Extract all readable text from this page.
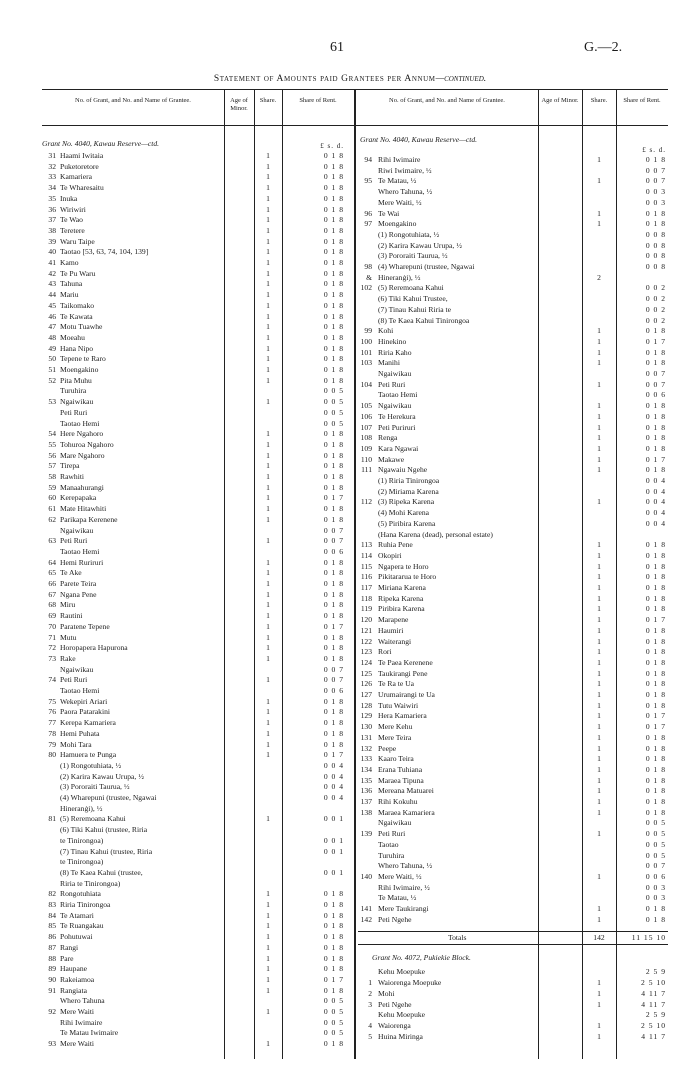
61	G.—2.
Statement of Amounts paid Grantees per Annum—continued.
No. of Grant, and No. and Name of Grantee.	Age of Minor.
Share.	Share of Rent.	No. of Grant, and No. and Name of Grantee.	Age of Minor.	Share.	Share of Rent.
Grant No. 4040, Kawau Reserve—ctd.	£ s. d.
31 Haami Iwitaia	1	0 1 8
32 Puketoretore	1	0 1 8
33 Kamariera	1	0 1 8
34 Te Wharesaitu	1	0 1 8
35 Inuka	1	0 1 8
36 Wiriwiri	1	0 1 8
37 Te Wao	1	0 1 8
38 Teretere	1	0 1 8
39 Waru Taipe	1	0 1 8
40 Taotao [53, 63, 74, 104, 139]	1	0 1 8
41 Kamo	1	0 1 8
42 Te Pu Waru	1	0 1 8
43 Tahuna	1	0 1 8
44 Mariu	1	0 1 8
45 Taikomako	1	0 1 8
46 Te Kawata	1	0 1 8
47 Motu Tuawhe	1	0 1 8
48 Moeahu	1	0 1 8
49 Hana Nipo	1	0 1 8
50 Tepene te Raro	1	0 1 8
51 Moengakino	1	0 1 8
52 Pita Muhu	1	0 1 8
Turuhira	0 0 5
53 Ngaiwikau	1	0 0 5
Peti Ruri	0 0 5
Taotao Hemi	0 0 5
54 Here Ngahoro	1	0 1 8
55 Tohuroa Ngahoro	1	0 1 8
56 Mare Ngahoro	1	0 1 8
57 Tirepa	1	0 1 8
58 Rawhiti	1	0 1 8
59 Manaahurangi	1	0 1 8
60 Kerepapaka	1	0 1 7
61 Mate Hitawhiti	1	0 1 8
62 Parikapa Kerenene	1	0 1 8
Ngaiwikau	0 0 7
63 Peti Ruri	1	0 0 7
Taotao Hemi	0 0 6
64 Hemi Ruriruri	1	0 1 8
65 Te Ake	1	0 1 8
66 Parete Teira	1	0 1 8
67 Ngana Pene	1	0 1 8
68 Miru	1	0 1 8
69 Rautini	1	0 1 8
70 Paratene Tepene	1	0 1 7
71 Mutu	1	0 1 8
72 Horopapera Hapurona	1	0 1 8
73 Rake	1	0 1 8
Ngaiwikau	0 0 7
74 Peti Ruri	1	0 0 7
Taotao Hemi	0 0 6
75 Wekepiri Ariari	1	0 1 8
76 Paora Patarakini	1	0 1 8
77 Kerepa Kamariera	1	0 1 8
78 Hemi Puhata	1	0 1 8
79 Mohi Tara	1	0 1 8
80 Hamuera te Punga	1	0 1 7
(1) Rongotuhiata, ½	0 0 4
(2) Karira Kawau Urupa, ½	0 0 4
(3) Pororaiti Taurua, ½	0 0 4
(4) Wharepuni (trustee, Ngawai	0 0 4
Hineranġi), ½
81 (5) Reremoana Kahui	1	0 0 1
(6) Tiki Kahui (trustee, Riria
te Tinirongoa)	0 0 1
(7) Tinau Kahui (trustee, Riria	0 0 1
te Tinirongoa)
(8) Te Kaea Kahui (trustee,	0 0 1
Riria te Tinirongoa)
82 Rongotuhiata	1	0 1 8
83 Riria Tinirongoa	1	0 1 8
84 Te Atamari	1	0 1 8
85 Te Ruangakau	1	0 1 8
86 Pohutuwai	1	0 1 8
87 Rangi	1	0 1 8
88 Pare	1	0 1 8
89 Haupane	1	0 1 8
90 Rakeiamoa	1	0 1 7
91 Rangiata	1	0 1 8
Whero Tahuna	0 0 5
92 Mere Waiti	1	0 0 5
Rihi Iwimaire	0 0 5
Te Matau Iwimaire	0 0 5
93 Mere Waiti	1	0 1 8
Grant No. 4040, Kawau Reserve—ctd.
£ s. d.
94 Rihi Iwimaire	1	0 1 8
Riwi Iwimaire, ½	0 0 7
95 Te Matau, ½	1	0 0 7
Whero Tahuna, ½	0 0 3
Mere Waiti, ½	0 0 3
96 Te Wai	1	0 1 8
97 Moengakino	1	0 1 8
(1) Rongotuhiata, ½	0 0 8
(2) Karira Kawau Urupa, ½	0 0 8
(3) Pororaiti Taurua, ½	0 0 8
98 (4) Wharepuni (trustee, Ngawai	0 0 8
& Hineranġi), ½	2
102 (5) Reremoana Kahui	0 0 2
(6) Tiki Kahui Trustee,	0 0 2
(7) Tinau Kahui Riria te	0 0 2
(8) Te Kaea Kahui Tinirongoa	0 0 2
99 Kohi	1	0 1 8
100 Hinekino	1	0 1 7
101 Riria Kaho	1	0 1 8
103 Manihi	1	0 1 8
Ngaiwikau	0 0 7
104 Peti Ruri	1	0 0 7
Taotao Hemi	0 0 6
105 Ngaiwikau	1	0 1 8
106 Te Herekura	1	0 1 8
107 Peti Puriruri	1	0 1 8
108 Renga	1	0 1 8
109 Kara Ngawai	1	0 1 8
110 Makawe	1	0 1 7
111 Ngawaiu Ngehe	1	0 1 8
(1) Riria Tinirongoa	0 0 4
(2) Miriama Karena	0 0 4
112 (3) Ripeka Karena	1	0 0 4
(4) Mohi Karena	0 0 4
(5) Piribira Karena	0 0 4
(Hana Karena (dead), personal estate)
113 Ruhia Pene	1	0 1 8
114 Okopiri	1	0 1 8
115 Ngapera te Horo	1	0 1 8
116 Pikitararua te Horo	1	0 1 8
117 Miriana Karena	1	0 1 8
118 Ripeka Karena	1	0 1 8
119 Piribira Karena	1	0 1 8
120 Marapene	1	0 1 7
121 Haumiri	1	0 1 8
122 Waiterangi	1	0 1 8
123 Rori	1	0 1 8
124 Te Paea Kerenene	1	0 1 8
125 Taukirangi Pene	1	0 1 8
126 Te Ra te Ua	1	0 1 8
127 Urumairangi te Ua	1	0 1 8
128 Tutu Waiwiri	1	0 1 8
129 Hera Kamariera	1	0 1 7
130 Mere Kehu	1	0 1 7
131 Mere Teira	1	0 1 8
132 Peepe	1	0 1 8
133 Kaaro Teira	1	0 1 8
134 Erana Tuhiana	1	0 1 8
135 Maraea Tipuna	1	0 1 8
136 Mereana Matuarei	1	0 1 8
137 Rihi Kokuhu	1	0 1 8
138 Maraea Kamariera	1	0 1 8
Ngaiwikau	0 0 5
139 Peti Ruri	1	0 0 5
Taotao	0 0 5
Turuhira	0 0 5
Whero Tahuna, ½	0 0 7
140 Mere Waiti, ½	1	0 0 6
Rihi Iwimaire, ½	0 0 3
Te Matau, ½	0 0 3
141 Mere Taukirangi	1	0 1 8
142 Peti Ngehe	1	0 1 8
Totals	142	11 15 10
Grant No. 4072, Pukiekie Block.
Kehu Moepuke	2 5 9
1 Waiorenga Moepuke	1	2 5 10
2 Mohi	1	4 11 7
3 Peti Ngehe	1	4 11 7
Kehu Moepuke	2 5 9
4 Waiorenga	1	2 5 10
5 Huina Miringa	1	4 11 7
